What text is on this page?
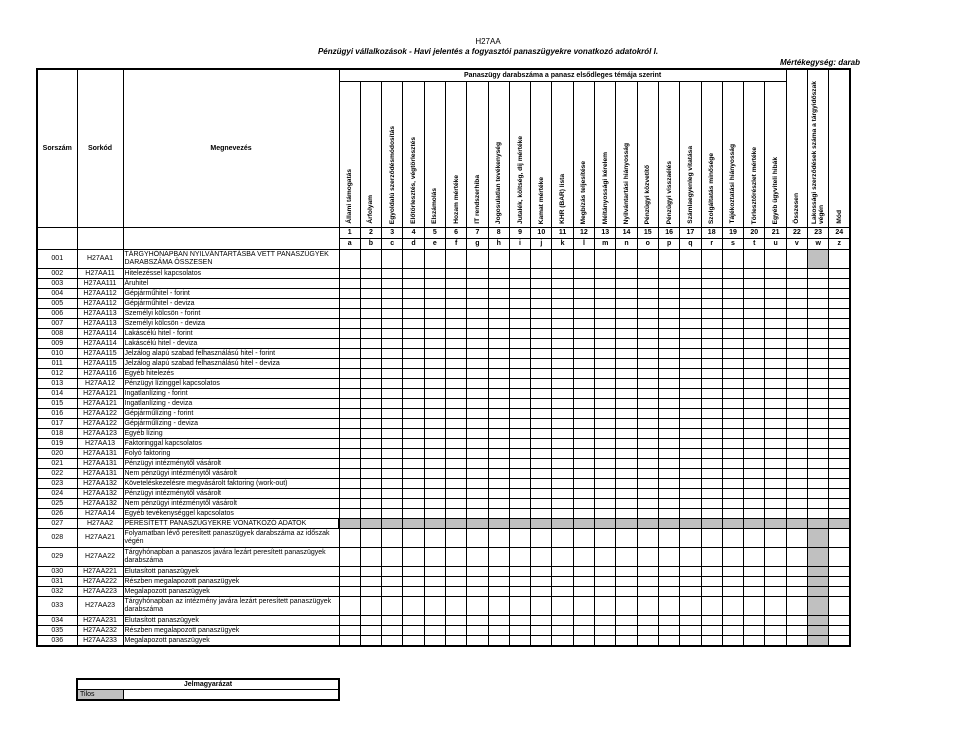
H27AA
Pénzügyi vállalkozások - Havi jelentés a fogyasztói panaszügyekre vonatkozó adatokról I.
Mértékegység: darab
Sorszám	Sorkód	Megnevezés	Panaszügy darabszáma a panasz elsődleges témája szerint																					Összesen	Lakossági szerződések száma a tárgyidőszak végén	Mód
			Állami támogatás	Árfolyam	Egyoldalú szerződésmódosítás	Előtörlesztés, végtörlesztés	Elszámolás	Hozam mértéke	IT rendszerhiba	Jogosulatlan tevékenység	Jutalék, költség, díj mértéke	Kamat mértéke	KHR (BAR) lista	Megbízás teljesítése	Méltányossági kérelem	Nyilvántartási hiányosság	Pénzügyi közvetítő	Pénzügyi visszaélés	Számlaegyenleg vitatása	Szolgáltatás minősége	Tájékoztatási hiányosság	Törlesztőrészlet mértéke	Egyéb ügyviteli hibák			
			1	2	3	4	5	6	7	8	9	10	11	12	13	14	15	16	17	18	19	20	21	22	23	24
			a	b	c	d	e	f	g	h	i	j	k	l	m	n	o	p	q	r	s	t	u	v	w	z
001	H27AA1	TÁRGYHÓNAPBAN NYILVÁNTARTÁSBA VETT PANASZÜGYEK DARABSZÁMA ÖSSZESEN																								
002	H27AA11	Hitelezéssel kapcsolatos																								
003	H27AA111	Áruhitel																								
004	H27AA112	Gépjárműhitel - forint																								
005	H27AA112	Gépjárműhitel - deviza																								
006	H27AA113	Személyi kölcsön - forint																								
007	H27AA113	Személyi kölcsön - deviza																								
008	H27AA114	Lakáscélú hitel - forint																								
009	H27AA114	Lakáscélú hitel - deviza																								
010	H27AA115	Jelzálog alapú szabad felhasználású hitel - forint																								
011	H27AA115	Jelzálog alapú szabad felhasználású hitel - deviza																								
012	H27AA116	Egyéb hitelezés																								
013	H27AA12	Pénzügyi lízinggel kapcsolatos																								
014	H27AA121	Ingatlanlízing - forint																								
015	H27AA121	Ingatlanlízing - deviza																								
016	H27AA122	Gépjárműlízing - forint																								
017	H27AA122	Gépjárműlízing - deviza																								
018	H27AA123	Egyéb lízing																								
019	H27AA13	Faktoringgal kapcsolatos																								
020	H27AA131	Folyó faktoring																								
021	H27AA131	Pénzügyi intézménytől vásárolt																								
022	H27AA131	Nem pénzügyi intézménytől vásárolt																								
023	H27AA132	Követeléskezelésre megvásárolt faktoring (work-out)																								
024	H27AA132	Pénzügyi intézménytől vásárolt																								
025	H27AA132	Nem pénzügyi intézménytől vásárolt																								
026	H27AA14	Egyéb tevékenységgel kapcsolatos																								
027	H27AA2	PERESÍTETT PANASZÜGYEKRE VONATKOZÓ ADATOK																								
028	H27AA21	Folyamatban lévő peresített panaszügyek darabszáma az időszak végén																								
029	H27AA22	Tárgyhónapban a panaszos javára lezárt peresített panaszügyek darabszáma																								
030	H27AA221	Elutasított panaszügyek																								
031	H27AA222	Részben megalapozott panaszügyek																								
032	H27AA223	Megalapozott panaszügyek																								
033	H27AA23	Tárgyhónapban az intézmény javára lezárt peresített panaszügyek darabszáma																								
034	H27AA231	Elutasított panaszügyek																								
035	H27AA232	Részben megalapozott panaszügyek																								
036	H27AA233	Megalapozott panaszügyek																								
Jelmagyarázat
Tilos	
